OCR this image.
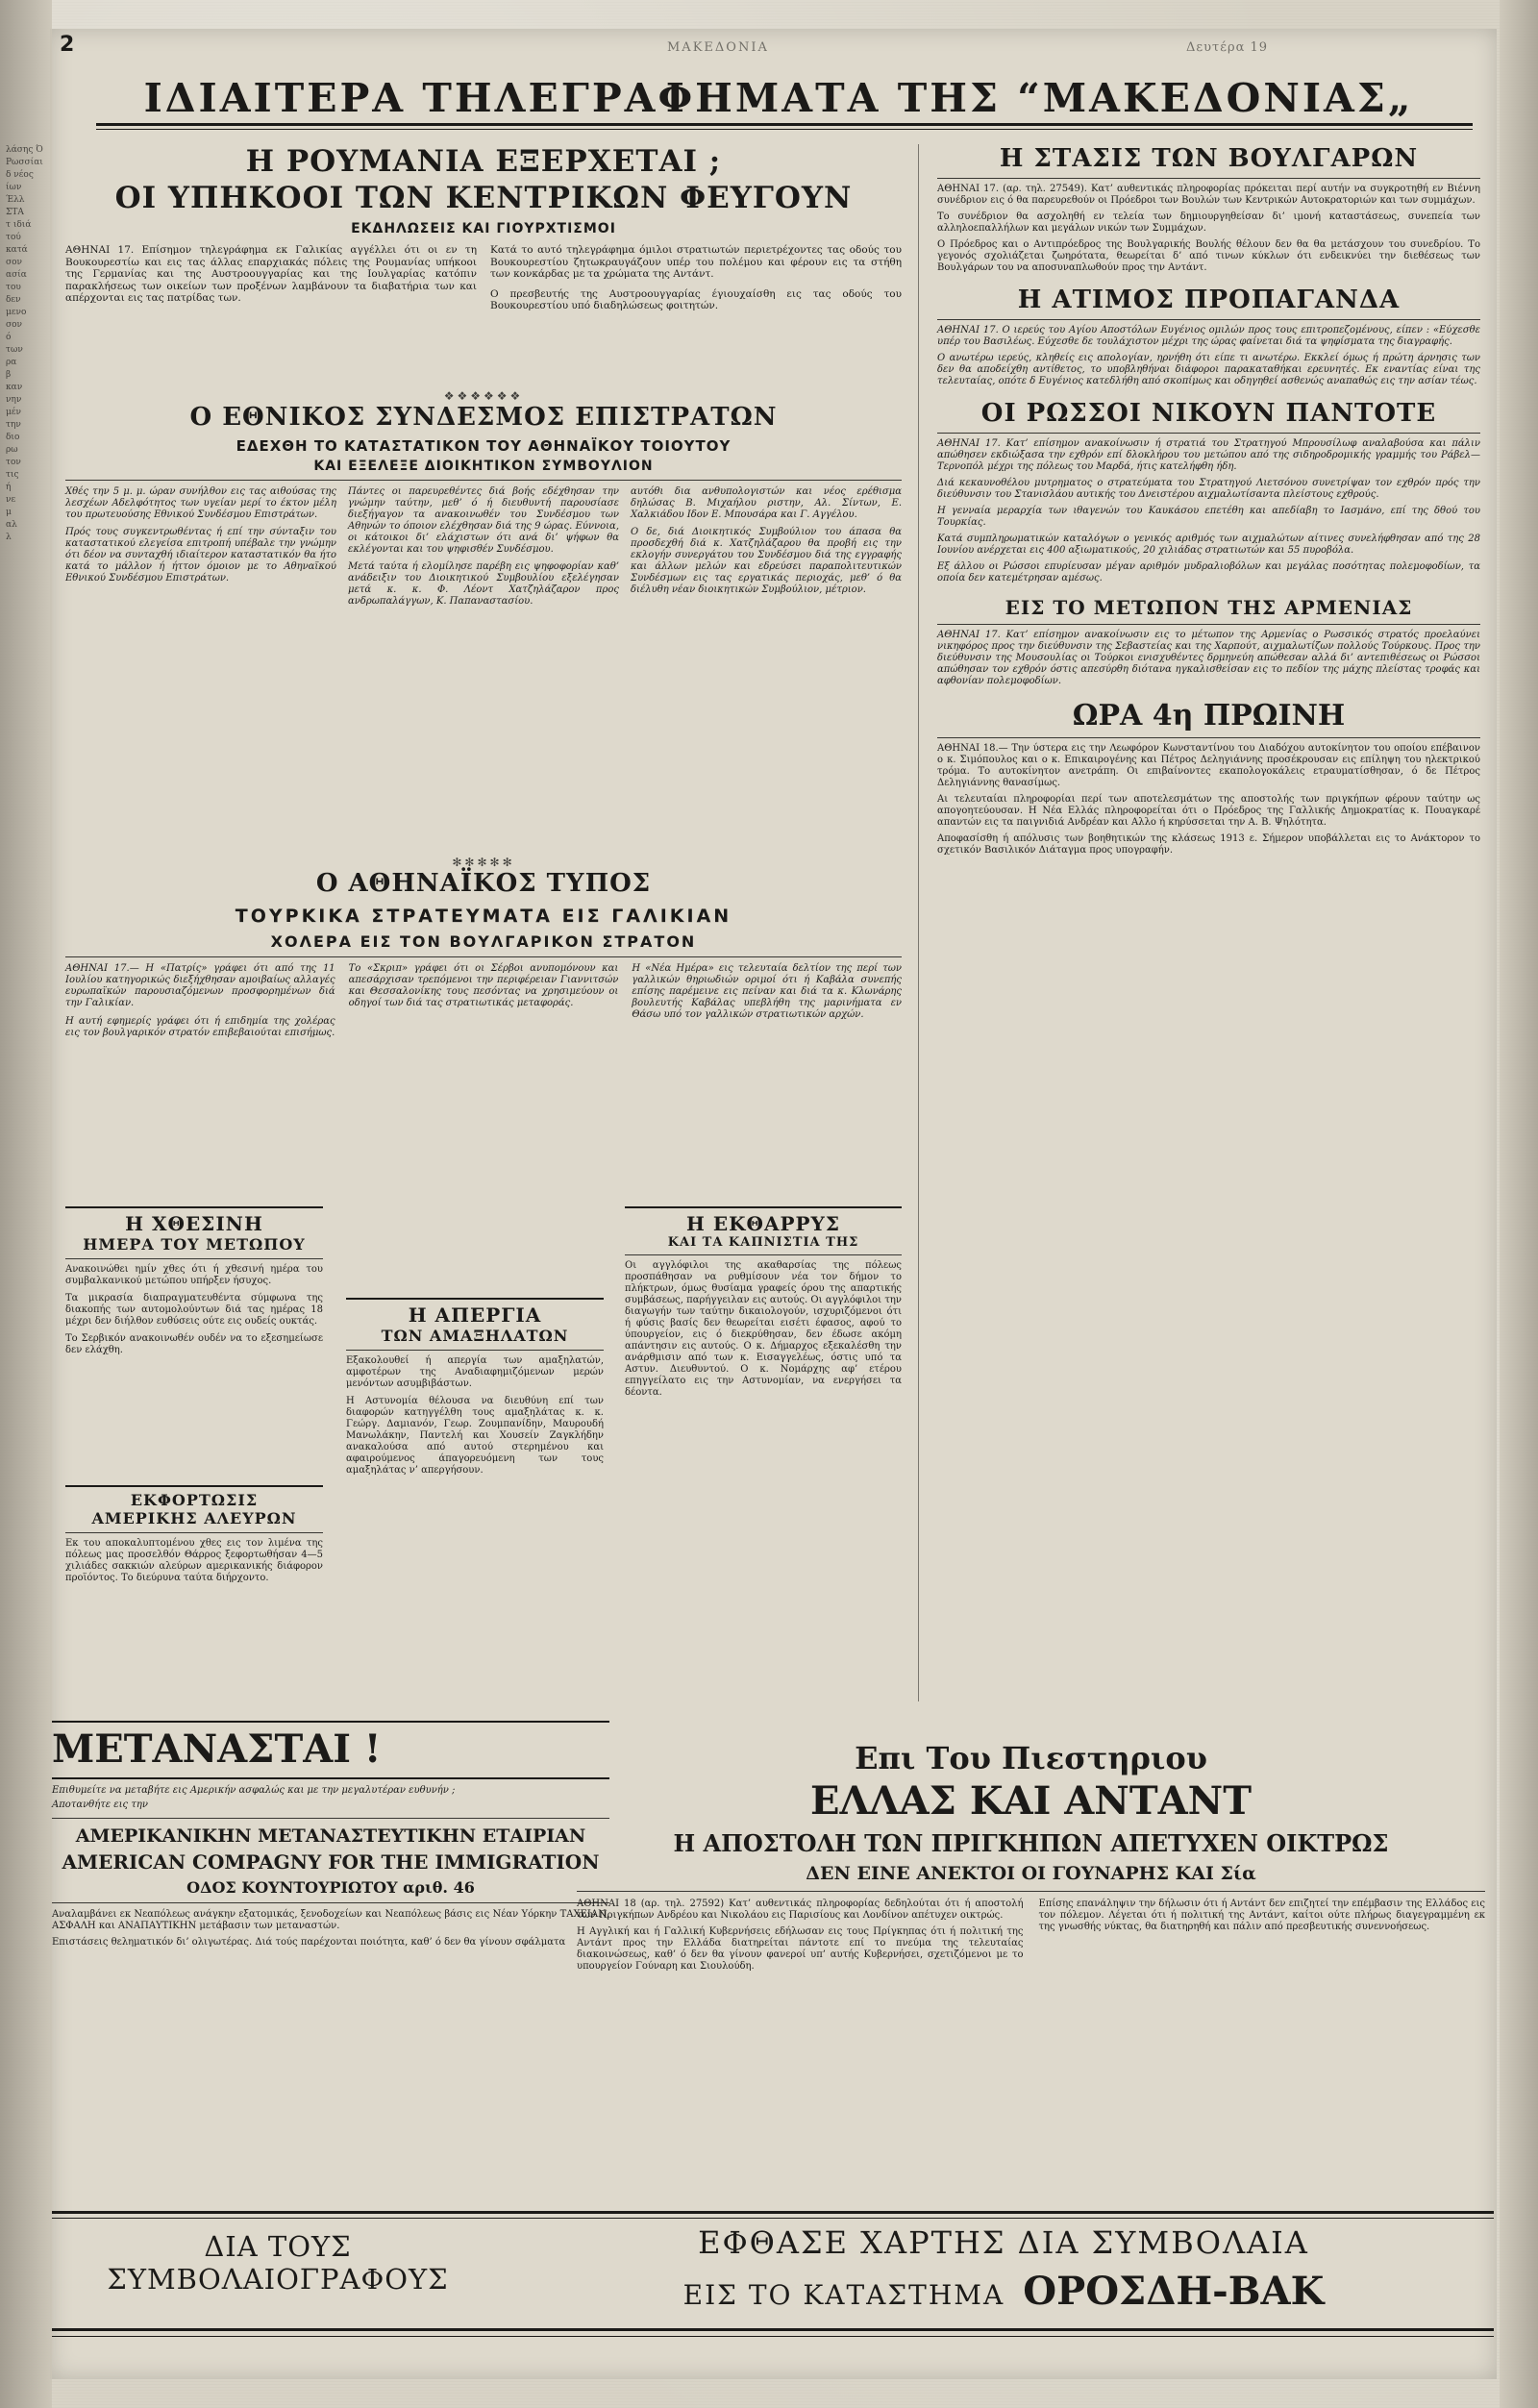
2	ΜΑΚΕΔΟΝΙΑ	Δευτέρα 19
ΙΔΙΑΙΤΕΡΑ ΤΗΛΕΓΡΑΦΗΜΑΤΑ ΤΗΣ “ΜΑΚΕΔΟΝΙΑΣ„
λάσης Ό
Ρωσσίαι
δ νέος
ίων
Έλλ
ΣΤΑ
τ ιδιά
τού
κατά
σον
ασία
του
δεν
μενο
σον
ό
των
ρα
β
καν
νην
μέν
την
διο
ρω
τον
τις
ή
νε
μ
αλ
λ
Η ΡΟΥΜΑΝΙΑ ΕΞΕΡΧΕΤΑΙ ;
ΟΙ ΥΠΗΚΟΟΙ ΤΩΝ ΚΕΝΤΡΙΚΩΝ ΦΕΥΓΟΥΝ
ΕΚΔΗΛΩΣΕΙΣ ΚΑΙ ΓΙΟΥΡΧΤΙΣΜΟΙ
ΑΘΗΝΑΙ 17. Επίσημον τηλεγράφημα εκ Γαλικίας αγγέλλει ότι οι εν τη Βουκουρεστίω και εις τας άλλας επαρχιακάς πόλεις της Ρουμανίας υπήκοοι της Γερμανίας και της Αυστροουγγαρίας και της Ιουλγαρίας κατόπιν παρακλήσεως των οικείων των προξένων λαμβάνουν τα διαβατήρια των και απέρχονται εις τας πατρίδας των.
Κατά το αυτό τηλεγράφημα όμιλοι στρατιωτών περιετρέχοντες τας οδούς του Βουκουρεστίου ζητωκραυγάζουν υπέρ του πολέμου και φέρουν εις τα στήθη των κονκάρδας με τα χρώματα της Αντάντ.
Ο πρεσβευτής της Αυστροουγγαρίας έγιουχαίσθη εις τας οδούς του Βουκουρεστίου υπό διαδηλώσεως φοιτητών.
❖❖❖❖❖❖
Ο ΕΘΝΙΚΟΣ ΣΥΝΔΕΣΜΟΣ ΕΠΙΣΤΡΑΤΩΝ
ΕΔΕΧΘΗ ΤΟ ΚΑΤΑΣΤΑΤΙΚΟΝ ΤΟΥ ΑΘΗΝΑΪΚΟΥ ΤΟΙΟΥΤΟΥ
ΚΑΙ ΕΞΕΛΕΞΕ ΔΙΟΙΚΗΤΙΚΟΝ ΣΥΜΒΟΥΛΙΟΝ
Χθές την 5 μ. μ. ώραν συνήλθον εις τας αιθούσας της λεσχέων Αδελφότητος των υγείαν μερί το έκτον μέλη του πρωτευούσης Εθνικού Συνδέσμου Επιστράτων.
Πρός τους συγκεντρωθέντας ή επί την σύνταξιν του καταστατικού ελεγείσα επιτροπή υπέβαλε την γνώμην ότι δέον να συνταχθή ιδιαίτερον καταστατικόν θα ήτο κατά το μάλλον ή ήττον όμοιον με το Αθηναϊκού Εθνικού Συνδέσμου Επιστράτων.
Πάντες οι παρευρεθέντες διά βοής εδέχθησαν την γνώμην ταύτην, μεθ’ ό ή διευθυντή παρουσίασε διεξήγαγον τα ανακοινωθέν του Συνδέσμου των Αθηνών το όποιον ελέχθησαν διά της 9 ώρας. Εύννοια, οι κάτοικοι δι’ ελάχιστων ότι ανά δι’ ψήφων θα εκλέγονται και του ψηφισθέν Συνδέσμου.
Μετά ταύτα ή ελομίλησε παρέβη εις ψηφοφορίαν καθ’ ανάδειξιν του Διοικητικού Συμβουλίου εξελέγησαν μετά κ. κ. Φ. Λέοντ Χατζηλάζαρον προς ανδρωπαλάγγων, Κ. Παπαναστασίου.
αυτόθι δια ανθυπολογιστών και νέος ερέθισμα δηλώσας Β. Μιχαήλου ριστην, Αλ. Σίντων, Ε. Χαλκιάδου Ιδον Ε. Μπουσάρα και Γ. Αγγέλου.
Ο δε, διά Διοικητικός Συμβούλιον του άπασα θα προσδεχθή διά κ. Χατζηλάζαρου θα προβή εις την εκλογήν συνεργάτου του Συνδέσμου διά της εγγραφής και άλλων μελών και εδρεύσει παραπολιτευτικών Συνδέσμων εις τας εργατικάς περιοχάς, μεθ’ ό θα διέλυθη νέαν διοικητικών Συμβούλιον, μέτριον.
✻✻✻✻✻
Ο ΑΘΗΝΑΪΚΟΣ ΤΥΠΟΣ
ΤΟΥΡΚΙΚΑ ΣΤΡΑΤΕΥΜΑΤΑ ΕΙΣ ΓΑΛΙΚΙΑΝ
ΧΟΛΕΡΑ ΕΙΣ ΤΟΝ ΒΟΥΛΓΑΡΙΚΟΝ ΣΤΡΑΤΟΝ
ΑΘΗΝΑΙ 17.— Η «Πατρίς» γράφει ότι από της 11 Ιουλίου κατηγορικώς διεξήχθησαν αμοιβαίως αλλαγές ευρωπαϊκών παρουσιαζόμενων προσφορημένων διά την Γαλικίαν.
Η αυτή εφημερίς γράφει ότι ή επιδημία της χολέρας εις τον βουλγαρικόν στρατόν επιβεβαιούται επισήμως.
Το «Σκριπ» γράφει ότι οι Σέρβοι ανυπομόνουν και απεσάρχισαν τρεπόμενοι την περιφέρειαν Γιαννιτσών και Θεσσαλονίκης τους πεσόντας να χρησιμεύουν οι οδηγοί των διά τας στρατιωτικάς μεταφοράς.
Η «Νέα Ημέρα» εις τελευταία δελτίον της περί των γαλλικών θηριωδιών οριμοί ότι ή Καβάλα συνεπής επίσης παρέμεινε εις πείναν και διά τα κ. Κλωνάρης βουλευτής Καβάλας υπεβλήθη της μαρινήματα εν Θάσω υπό τον γαλλικών στρατιωτικών αρχών.
Η ΧΘΕΣΙΝΗ
ΗΜΕΡΑ ΤΟΥ ΜΕΤΩΠΟΥ
Ανακοινώθει ημίν χθες ότι ή χθεσινή ημέρα του συμβαλκανικού μετώπου υπήρξεν ήσυχος.
Τα μικρασία διαπραγματευθέντα σύμφωνα της διακοπής των αυτομολούντων διά τας ημέρας 18 μέχρι δεν διήλθον ευθύσεις ούτε εις ουδείς ουκτάς.
Το Σερβικόν ανακοινωθέν ουδέν να το εξεσημείωσε δεν ελάχθη.
ΕΚΦΟΡΤΩΣΙΣ
ΑΜΕΡΙΚΗΣ ΑΛΕΥΡΩΝ
Εκ του αποκαλυπτομένου χθες εις τον λιμένα της πόλεως μας προσελθόν Θάρρος ξεφορτωθήσαν 4—5 χιλιάδες σακκιών αλεύρων αμερικανικής διάφορον προϊόντος. Το διεύρυνα ταύτα διήρχοντο.
Η ΑΠΕΡΓΙΑ
ΤΩΝ ΑΜΑΞΗΛΑΤΩΝ
Εξακολουθεί ή απεργία των αμαξηλατών, αμφοτέρων της Αναδιαφημιζόμενων μερών μενόντων ασυμβιβάστων.
Η Αστυνομία θέλουσα να διευθύνη επί των διαφορών κατηγγέλθη τους αμαξηλάτας κ. κ. Γεώργ. Δαμιανόν, Γεωρ. Ζουμπανίδην, Μαυρουδή Μανωλάκην, Παντελή και Χουσείν Ζαγκλήδην ανακαλούσα από αυτού στερημένου και αφαιρούμενος άπαγορευόμενη των τους αμαξηλάτας ν’ απεργήσουν.
Η ΕΚΘΑΡΡΥΣ
ΚΑΙ ΤΑ ΚΑΠΝΙΣΤΙΑ ΤΗΣ
Οι αγγλόφιλοι της ακαθαρσίας της πόλεως προσπάθησαν να ρυθμίσουν νέα τον δήμον το πλήκτρων, όμως θυσίαμα γραφείς όρου της απαρτικής συμβάσεως, παρήγγειλαν εις αυτούς. Οι αγγλόφιλοι την διαγωγήν των ταύτην δικαιολογούν, ισχυριζόμενοι ότι ή φύσις βασίς δεν θεωρείται εισέτι έφασος, αφού το ύπουργείον, εις ό διεκρύθησαν, δεν έδωσε ακόμη απάντησιν εις αυτούς. Ο κ. Δήμαρχος εξεκαλέσθη την ανάρθμισιν από των κ. Εισαγγελέως, όστις υπό τα Αστυν. Διευθυντού. Ο κ. Νομάρχης αφ’ ετέρου επηγγείλατο εις την Αστυνομίαν, να ενεργήσει τα δέοντα.
ΜΕΤΑΝΑΣΤΑΙ !
Επιθυμείτε να μεταβήτε εις Αμερικήν ασφαλώς και με την μεγαλυτέραν ευθυνήν ;
Αποτανθήτε εις την
ΑΜΕΡΙΚΑΝΙΚΗΝ ΜΕΤΑΝΑΣΤΕΥΤΙΚΗΝ ΕΤΑΙΡΙΑΝ
AMERICAN COMPAGNY FOR THE IMMIGRATION
ΟΔΟΣ ΚΟΥΝΤΟΥΡΙΩΤΟΥ αριθ. 46
Αναλαμβάνει εκ Νεαπόλεως ανάγκην εξατομικάς, ξενοδοχείων και Νεαπόλεως βάσις εις Νέαν Υόρκην ΤΑΧΕΙΑΝ, ΑΣΦΑΛΗ και ΑΝΑΠΑΥΤΙΚΗΝ μετάβασιν των μεταναστών.
Επιστάσεις θεληματικόν δι’ ολιγωτέρας. Διά τούς παρέχονται ποιότητα, καθ’ ό δεν θα γίνουν σφάλματα
Η ΣΤΑΣΙΣ ΤΩΝ ΒΟΥΛΓΑΡΩΝ
ΑΘΗΝΑΙ 17. (αρ. τηλ. 27549). Κατ’ αυθεντικάς πληροφορίας πρόκειται περί αυτήν να συγκροτηθή εν Βιέννη συνέδριον εις ό θα παρευρεθούν οι Πρόεδροι των Βουλών των Κεντρικών Αυτοκρατοριών και των συμμάχων.
Το συνέδριον θα ασχοληθή εν τελεία των δημιουργηθείσαν δι’ ιμονή καταστάσεως, συνεπεία των αλληλοεπαλλήλων και μεγάλων νικών των Συμμάχων.
Ο Πρόεδρος και ο Αντιπρόεδρος της Βουλγαρικής Βουλής θέλουν δεν θα θα μετάσχουν του συνεδρίου. Το γεγονός σχολιάζεται ζωηρότατα, θεωρείται δ’ από τινων κύκλων ότι ενδεικνύει την διεθέσεως των Βουλγάρων του να αποσυναπλωθούν προς την Αντάντ.
Η ΑΤΙΜΟΣ ΠΡΟΠΑΓΑΝΔΑ
ΑΘΗΝΑΙ 17. Ο ιερεύς του Αγίου Αποστόλων Ευγένιος ομιλών προς τους επιτροπεζομένους, είπεν : «Εύχεσθε υπέρ του Βασιλέως. Εύχεσθε δε τουλάχιστον μέχρι της ώρας φαίνεται διά τα ψηφίσματα της διαγραφής.
Ο ανωτέρω ιερεύς, κληθείς εις απολογίαν, ηρνήθη ότι είπε τι ανωτέρω. Εκκλεί όμως ή πρώτη άρνησις των δεν θα αποδείχθη αντίθετος, το υποβληθήναι διάφοροι παρακαταθήκαι ερευνητές. Εκ εναντίας είναι της τελευταίας, οπότε δ Ευγένιος κατεδλήθη από σκοπίμως και οδηγηθεί ασθενώς αναπαθώς εις την ασίαν τέως.
ΟΙ ΡΩΣΣΟΙ ΝΙΚΟΥΝ ΠΑΝΤΟΤΕ
ΑΘΗΝΑΙ 17. Κατ’ επίσημον ανακοίνωσιν ή στρατιά του Στρατηγού Μπρουσίλωφ αναλαβούσα και πάλιν απώθησεν εκδιώξασα την εχθρόν επί δλοκλήρου του μετώπου από της σιδηροδρομικής γραμμής του Ράβελ—Τερνοπόλ μέχρι της πόλεως του Μαρδά, ήτις κατελήφθη ήδη.
Διά κεκαυνοθέλου μυτρηματος ο στρατεύματα του Στρατηγού Λιετσόνου συνετρίψαν τον εχθρόν πρός την διεύθυνσιν του Στανισλάου αυτικής του Δνειστέρου αιχμαλωτίσαντα πλείστους εχθρούς.
Η γενναία μεραρχία των ιθαγενών του Καυκάσου επετέθη και απεδίαβη το Ιασμάνο, επί της δθού του Τουρκίας.
Κατά συμπληρωματικών καταλόγων ο γενικός αριθμός των αιχμαλώτων αίτινες συνελήφθησαν από της 28 Ιουνίου ανέρχεται εις 400 αξιωματικούς, 20 χιλιάδας στρατιωτών και 55 πυροβόλα.
Εξ άλλου οι Ρώσσοι επυρίευσαν μέγαν αριθμόν μυδραλιοβόλων και μεγάλας ποσότητας πολεμοφοδίων, τα οποία δεν κατεμέτρησαν αμέσως.
ΕΙΣ ΤΟ ΜΕΤΩΠΟΝ ΤΗΣ ΑΡΜΕΝΙΑΣ
ΑΘΗΝΑΙ 17. Κατ’ επίσημον ανακοίνωσιν εις το μέτωπον της Αρμενίας ο Ρωσσικός στρατός προελαύνει νικηφόρος προς την διεύθυνσιν της Σεβαστείας και της Χαρπούτ, αιχμαλωτίζων πολλούς Τούρκους. Προς την διεύθυνσιν της Μουσουλίας οι Τούρκοι ενισχυθέντες δρμηνεύη απώθεσαν αλλά δι’ αντεπιθέσεως οι Ρώσσοι απώθησαν τον εχθρόν όστις απεσύρθη διότανα ηγκαλισθείσαν εις το πεδίον της μάχης πλείστας τροφάς και αφθονίαν πολεμοφοδίων.
ΩΡΑ 4η ΠΡΩΙΝΗ
ΑΘΗΝΑΙ 18.— Την ύστερα εις την Λεωφόρον Κωνσταντίνου του Διαδόχου αυτοκίνητον του οποίου επέβαινον ο κ. Σιμόπουλος και ο κ. Επικαιρογένης και Πέτρος Δεληγιάννης προσέκρουσαν εις επίληψη του ηλεκτρικού τρόμα. Το αυτοκίνητον ανετράπη. Οι επιβαίνοντες εκαπολογοκάλεις ετραυματίσθησαν, ό δε Πέτρος Δεληγιάννης θανασίμως.
Αι τελευταίαι πληροφορίαι περί των αποτελεσμάτων της αποστολής των πριγκήπων φέρουν ταύτην ως απογοητεύουσαν. Η Νέα Ελλάς πληροφορείται ότι ο Πρόεδρος της Γαλλικής Δημοκρατίας κ. Πουαγκαρέ απαντών εις τα παιγνιδιά Ανδρέαν και Αλλο ή κηρύσσεται την Α. Β. Ψηλότητα.
Αποφασίσθη ή απόλυσις των βοηθητικών της κλάσεως 1913 ε. Σήμερον υποβάλλεται εις το Ανάκτορον το σχετικόν Βασιλικόν Διάταγμα προς υπογραφήν.
Επι Του Πιεστηριου
ΕΛΛΑΣ ΚΑΙ ΑΝΤΑΝΤ
Η ΑΠΟΣΤΟΛΗ ΤΩΝ ΠΡΙΓΚΗΠΩΝ ΑΠΕΤΥΧΕΝ ΟΙΚΤΡΩΣ
ΔΕΝ ΕΙΝΕ ΑΝΕΚΤΟΙ ΟΙ ΓΟΥΝΑΡΗΣ ΚΑΙ Σία
ΑΘΗΝΑΙ 18 (αρ. τηλ. 27592) Κατ’ αυθεντικάς πληροφορίας δεδηλούται ότι ή αποστολή των Πριγκήπων Ανδρέου και Νικολάου εις Παρισίους και Λονδίνον απέτυχεν οικτρώς.
Η Αγγλική και ή Γαλλική Κυβερνήσεις εδήλωσαν εις τους Πρίγκηπας ότι ή πολιτική της Αντάντ προς την Ελλάδα διατηρείται πάντοτε επί το πνεύμα της τελευταίας διακοινώσεως, καθ’ ό δεν θα γίνουν φανεροί υπ’ αυτής Κυβερνήσει, σχετιζόμενοι με το υπουργείον Γούναρη και Σιουλούδη.
Επίσης επανάληψιν την δήλωσιν ότι ή Αντάντ δεν επιζητεί την επέμβασιν της Ελλάδος εις τον πόλεμον. Λέγεται ότι ή πολιτική της Αντάντ, καίτοι ούτε πλήρως διαγεγραμμένη εκ της γνωσθής νύκτας, θα διατηρηθή και πάλιν από πρεσβευτικής συνεννοήσεως.
ΔΙΑ ΤΟΥΣ ΣΥΜΒΟΛΑΙΟΓΡΑΦΟΥΣ
ΕΦΘΑΣΕ ΧΑΡΤΗΣ ΔΙΑ ΣΥΜΒΟΛΑΙΑ
ΕΙΣ ΤΟ ΚΑΤΑΣΤΗΜΑ ΟΡΟΣΔΗ-ΒΑΚ
